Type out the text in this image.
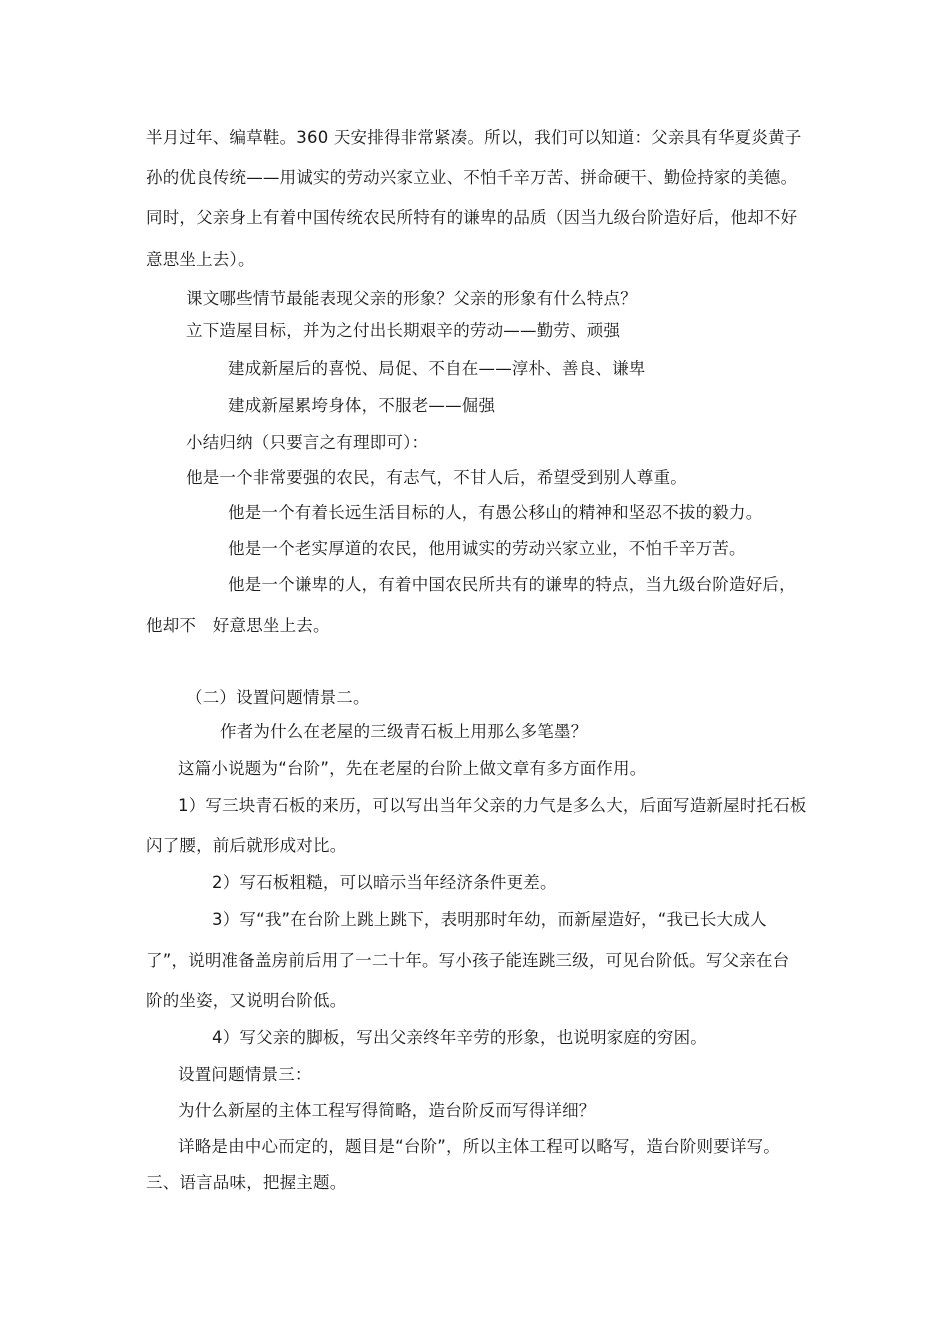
半月过年、编草鞋。360 天安排得非常紧凑。所以，我们可以知道：父亲具有华夏炎黄子
孙的优良传统——用诚实的劳动兴家立业、不怕千辛万苦、拼命硬干、勤俭持家的美德。
同时，父亲身上有着中国传统农民所特有的谦卑的品质（因当九级台阶造好后，他却不好
意思坐上去）。
课文哪些情节最能表现父亲的形象？父亲的形象有什么特点？
立下造屋目标，并为之付出长期艰辛的劳动——勤劳、顽强
建成新屋后的喜悦、局促、不自在——淳朴、善良、谦卑
建成新屋累垮身体，不服老——倔强
小结归纳（只要言之有理即可）：
他是一个非常要强的农民，有志气，不甘人后，希望受到别人尊重。
他是一个有着长远生活目标的人，有愚公移山的精神和坚忍不拔的毅力。
他是一个老实厚道的农民，他用诚实的劳动兴家立业，不怕千辛万苦。
他是一个谦卑的人，有着中国农民所共有的谦卑的特点，当九级台阶造好后，
他却不　好意思坐上去。
（二）设置问题情景二。
作者为什么在老屋的三级青石板上用那么多笔墨？
这篇小说题为“台阶”，先在老屋的台阶上做文章有多方面作用。
1）写三块青石板的来历，可以写出当年父亲的力气是多么大，后面写造新屋时托石板
闪了腰，前后就形成对比。
2）写石板粗糙，可以暗示当年经济条件更差。
3）写“我”在台阶上跳上跳下，表明那时年幼，而新屋造好，“我已长大成人
了”，说明准备盖房前后用了一二十年。写小孩子能连跳三级，可见台阶低。写父亲在台
阶的坐姿，又说明台阶低。
4）写父亲的脚板，写出父亲终年辛劳的形象，也说明家庭的穷困。
设置问题情景三：
为什么新屋的主体工程写得简略，造台阶反而写得详细？
详略是由中心而定的，题目是“台阶”，所以主体工程可以略写，造台阶则要详写。
三、语言品味，把握主题。
